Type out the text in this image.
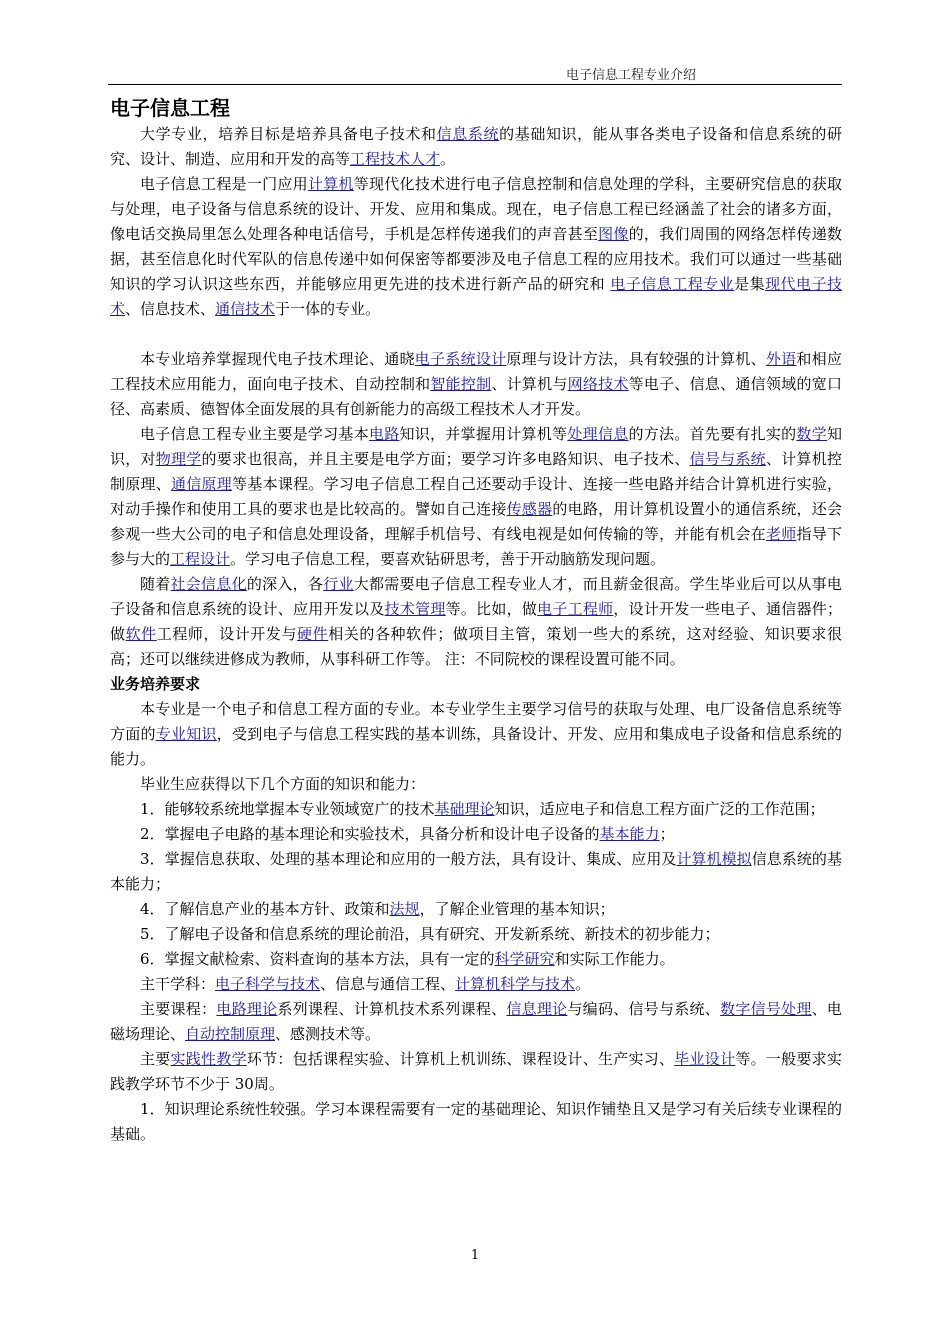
电子信息工程专业介绍
电子信息工程

大学专业，培养目标是培养具备电子技术和信息系统的基础知识，能从事各类电子设备和信息系统的研究、设计、制造、应用和开发的高等工程技术人才。

电子信息工程是一门应用计算机等现代化技术进行电子信息控制和信息处理的学科，主要研究信息的获取与处理，电子设备与信息系统的设计、开发、应用和集成。现在，电子信息工程已经涵盖了社会的诸多方面，像电话交换局里怎么处理各种电话信号，手机是怎样传递我们的声音甚至图像的，我们周围的网络怎样传递数据，甚至信息化时代军队的信息传递中如何保密等都要涉及电子信息工程的应用技术。我们可以通过一些基础知识的学习认识这些东西，并能够应用更先进的技术进行新产品的研究和 电子信息工程专业是集现代电子技术、信息技术、通信技术于一体的专业。

本专业培养掌握现代电子技术理论、通晓电子系统设计原理与设计方法，具有较强的计算机、外语和相应工程技术应用能力，面向电子技术、自动控制和智能控制、计算机与网络技术等电子、信息、通信领域的宽口径、高素质、德智体全面发展的具有创新能力的高级工程技术人才开发。

电子信息工程专业主要是学习基本电路知识，并掌握用计算机等处理信息的方法。首先要有扎实的数学知识，对物理学的要求也很高，并且主要是电学方面；要学习许多电路知识、电子技术、信号与系统、计算机控制原理、通信原理等基本课程。学习电子信息工程自己还要动手设计、连接一些电路并结合计算机进行实验，对动手操作和使用工具的要求也是比较高的。譬如自己连接传感器的电路，用计算机设置小的通信系统，还会参观一些大公司的电子和信息处理设备，理解手机信号、有线电视是如何传输的等，并能有机会在老师指导下参与大的工程设计。学习电子信息工程，要喜欢钻研思考，善于开动脑筋发现问题。

随着社会信息化的深入，各行业大都需要电子信息工程专业人才，而且薪金很高。学生毕业后可以从事电子设备和信息系统的设计、应用开发以及技术管理等。比如，做电子工程师，设计开发一些电子、通信器件；做软件工程师，设计开发与硬件相关的各种软件；做项目主管，策划一些大的系统，这对经验、知识要求很高；还可以继续进修成为教师，从事科研工作等。 注：不同院校的课程设置可能不同。

业务培养要求

本专业是一个电子和信息工程方面的专业。本专业学生主要学习信号的获取与处理、电厂设备信息系统等方面的专业知识，受到电子与信息工程实践的基本训练，具备设计、开发、应用和集成电子设备和信息系统的能力。

毕业生应获得以下几个方面的知识和能力：

1．能够较系统地掌握本专业领域宽广的技术基础理论知识，适应电子和信息工程方面广泛的工作范围；

2．掌握电子电路的基本理论和实验技术，具备分析和设计电子设备的基本能力；

3．掌握信息获取、处理的基本理论和应用的一般方法，具有设计、集成、应用及计算机模拟信息系统的基本能力；

4．了解信息产业的基本方针、政策和法规，了解企业管理的基本知识；

5．了解电子设备和信息系统的理论前沿，具有研究、开发新系统、新技术的初步能力；

6．掌握文献检索、资料查询的基本方法，具有一定的科学研究和实际工作能力。

主干学科：电子科学与技术、信息与通信工程、计算机科学与技术。

主要课程：电路理论系列课程、计算机技术系列课程、信息理论与编码、信号与系统、数字信号处理、电磁场理论、自动控制原理、感测技术等。

主要实践性教学环节：包括课程实验、计算机上机训练、课程设计、生产实习、毕业设计等。一般要求实践教学环节不少于 30周。

1．知识理论系统性较强。学习本课程需要有一定的基础理论、知识作铺垫且又是学习有关后续专业课程的基础。

1
